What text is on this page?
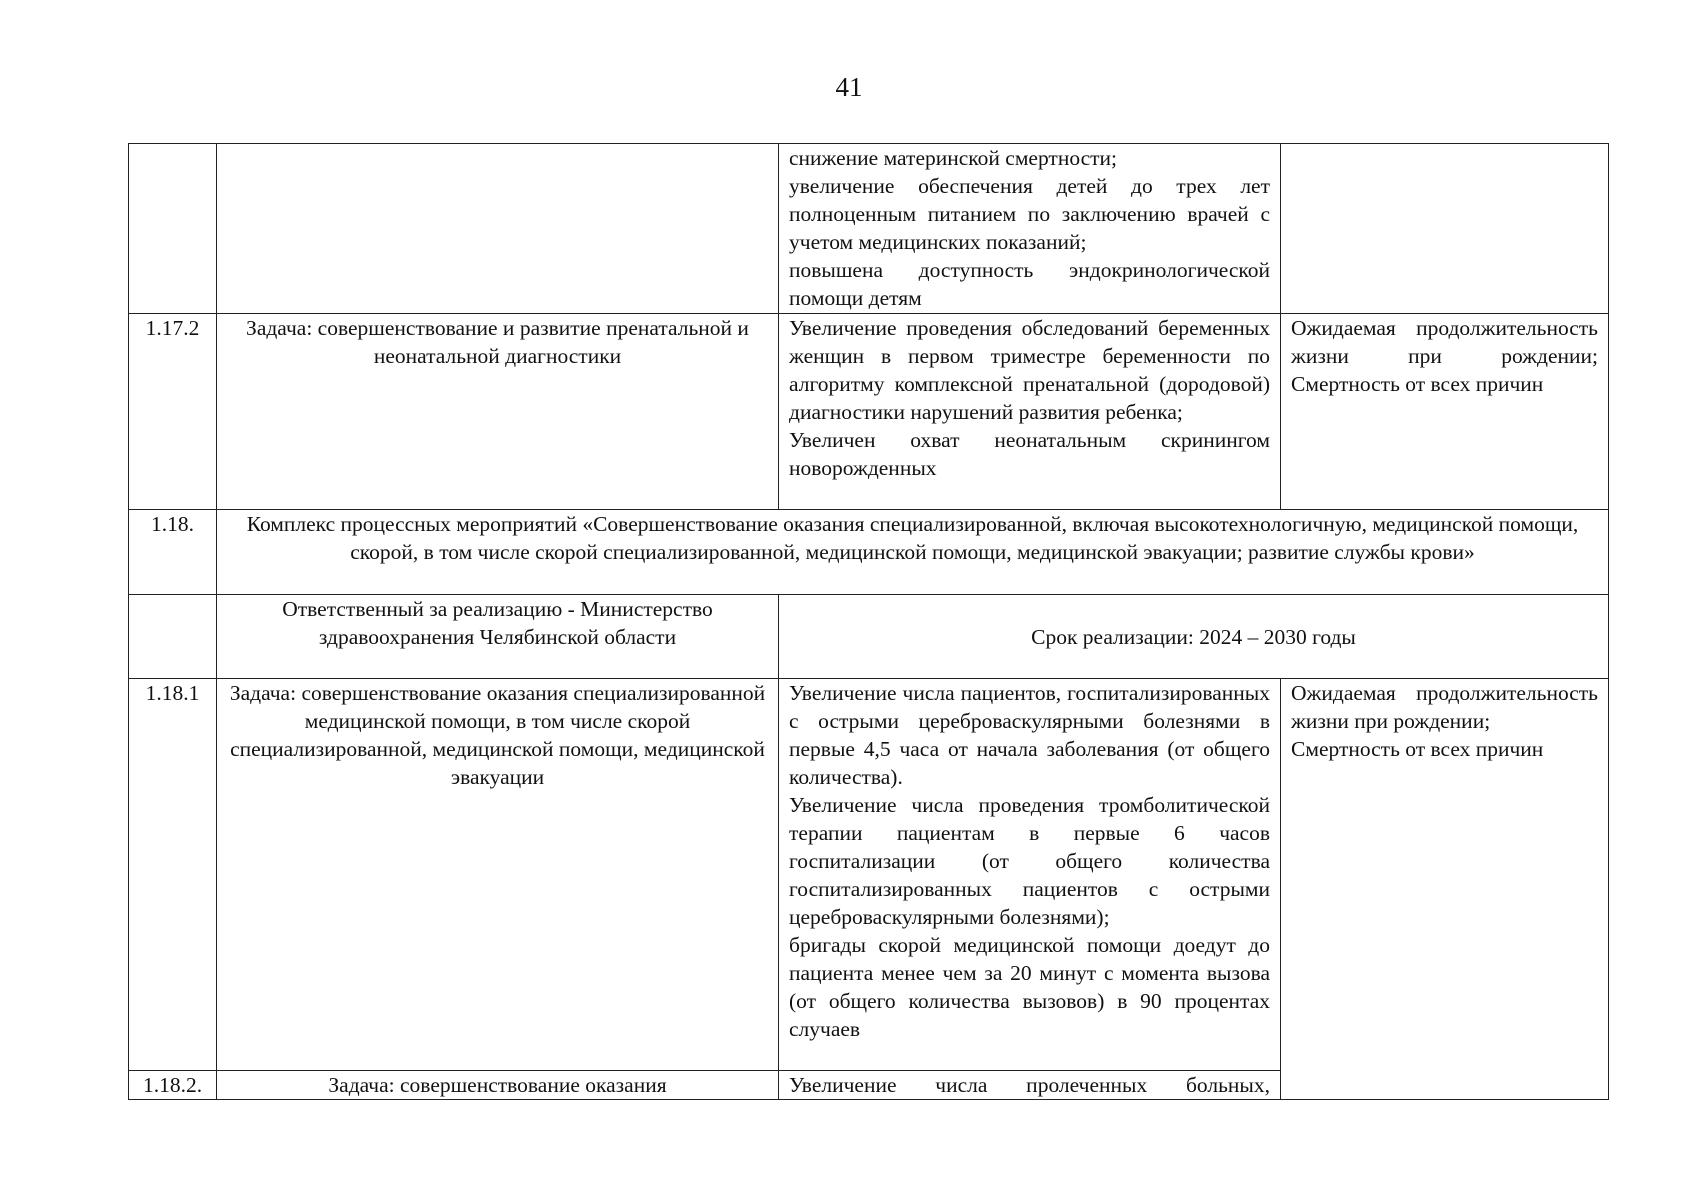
41

		снижение материнской смертности;
увеличение обеспечения детей до трех лет полноценным питанием по заключению врачей с учетом медицинских показаний;
повышена доступность эндокринологической помощи детям	

1.17.2	Задача: совершенствование и развитие пренатальной и неонатальной диагностики	Увеличение проведения обследований беременных женщин в первом триместре беременности по алгоритму комплексной пренатальной (дородовой) диагностики нарушений развития ребенка;
Увеличен охват неонатальным скринингом новорожденных	Ожидаемая продолжительность жизни при рождении; Смертность от всех причин

1.18.	Комплекс процессных мероприятий «Совершенствование оказания специализированной, включая высокотехнологичную, медицинской помощи, скорой, в том числе скорой специализированной, медицинской помощи, медицинской эвакуации; развитие службы крови»		
	Ответственный за реализацию - Министерство здравоохранения Челябинской области	Срок реализации: 2024 – 2030 годы	
1.18.1	Задача: совершенствование оказания специализированной медицинской помощи, в том числе скорой специализированной, медицинской помощи, медицинской эвакуации	Увеличение числа пациентов, госпитализированных с острыми цереброваскулярными болезнями в первые 4,5 часа от начала заболевания (от общего количества).
Увеличение числа проведения тромболитической терапии пациентам в первые 6 часов госпитализации (от общего количества госпитализированных пациентов с острыми цереброваскулярными болезнями);
бригады скорой медицинской помощи доедут до пациента менее чем за 20 минут с момента вызова (от общего количества вызовов) в 90 процентах случаев	Ожидаемая продолжительность жизни при рождении;
Смертность от всех причин

1.18.2.	Задача: совершенствование оказания	Увеличение числа пролеченных больных,	
